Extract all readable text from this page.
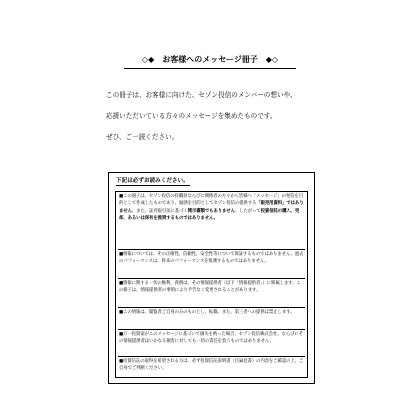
◇◆　お客様へのメッセージ冊子　◆◇

この冊子は、お客様に向けた、セゾン投信のメンバーの想いや、

応援いただいている方々のメッセージを集めたものです。

ぜひ、ご一読ください。

下記は必ずお読みください。
■この冊子は、セゾン投信の役職員ならびに関係者の方々から皆様へ「メッセージ」の発信を目的として作成したものであり、勧誘を目的としてセゾン投信の提供する「販売用資料」ではありません。また、証券取引法に基づく開示書類でもありません。したがって投資信託の購入、売却、あるいは保有を推奨するものではありません。
■情報については、その正確性、信頼性、安全性等について保証するものではありません。過去のパフォーマンスは、将来のパフォーマンスを推測するものではありません。
■情報に関する一切の権利、義務は、その情報提供者（以下「情報提供者」）に帰属します。この冊子は、情報提供者の事情により予告なく変更されることがあります。
■この情報は、閲覧者ご自身のみのものとし、転載、また、第三者への提供は禁止します。
■万一投資家がこのメッセージに基づいて損失を被った場合、セゾン投信株式会社、ならびにその情報提供者はいかなる損害に対しても一切の責任を負うものではありません。
■投資信託の取得を希望される方は、必ず投資信託説明書（目論見書）の内容をご確認の上、ご自身でご判断ください。
